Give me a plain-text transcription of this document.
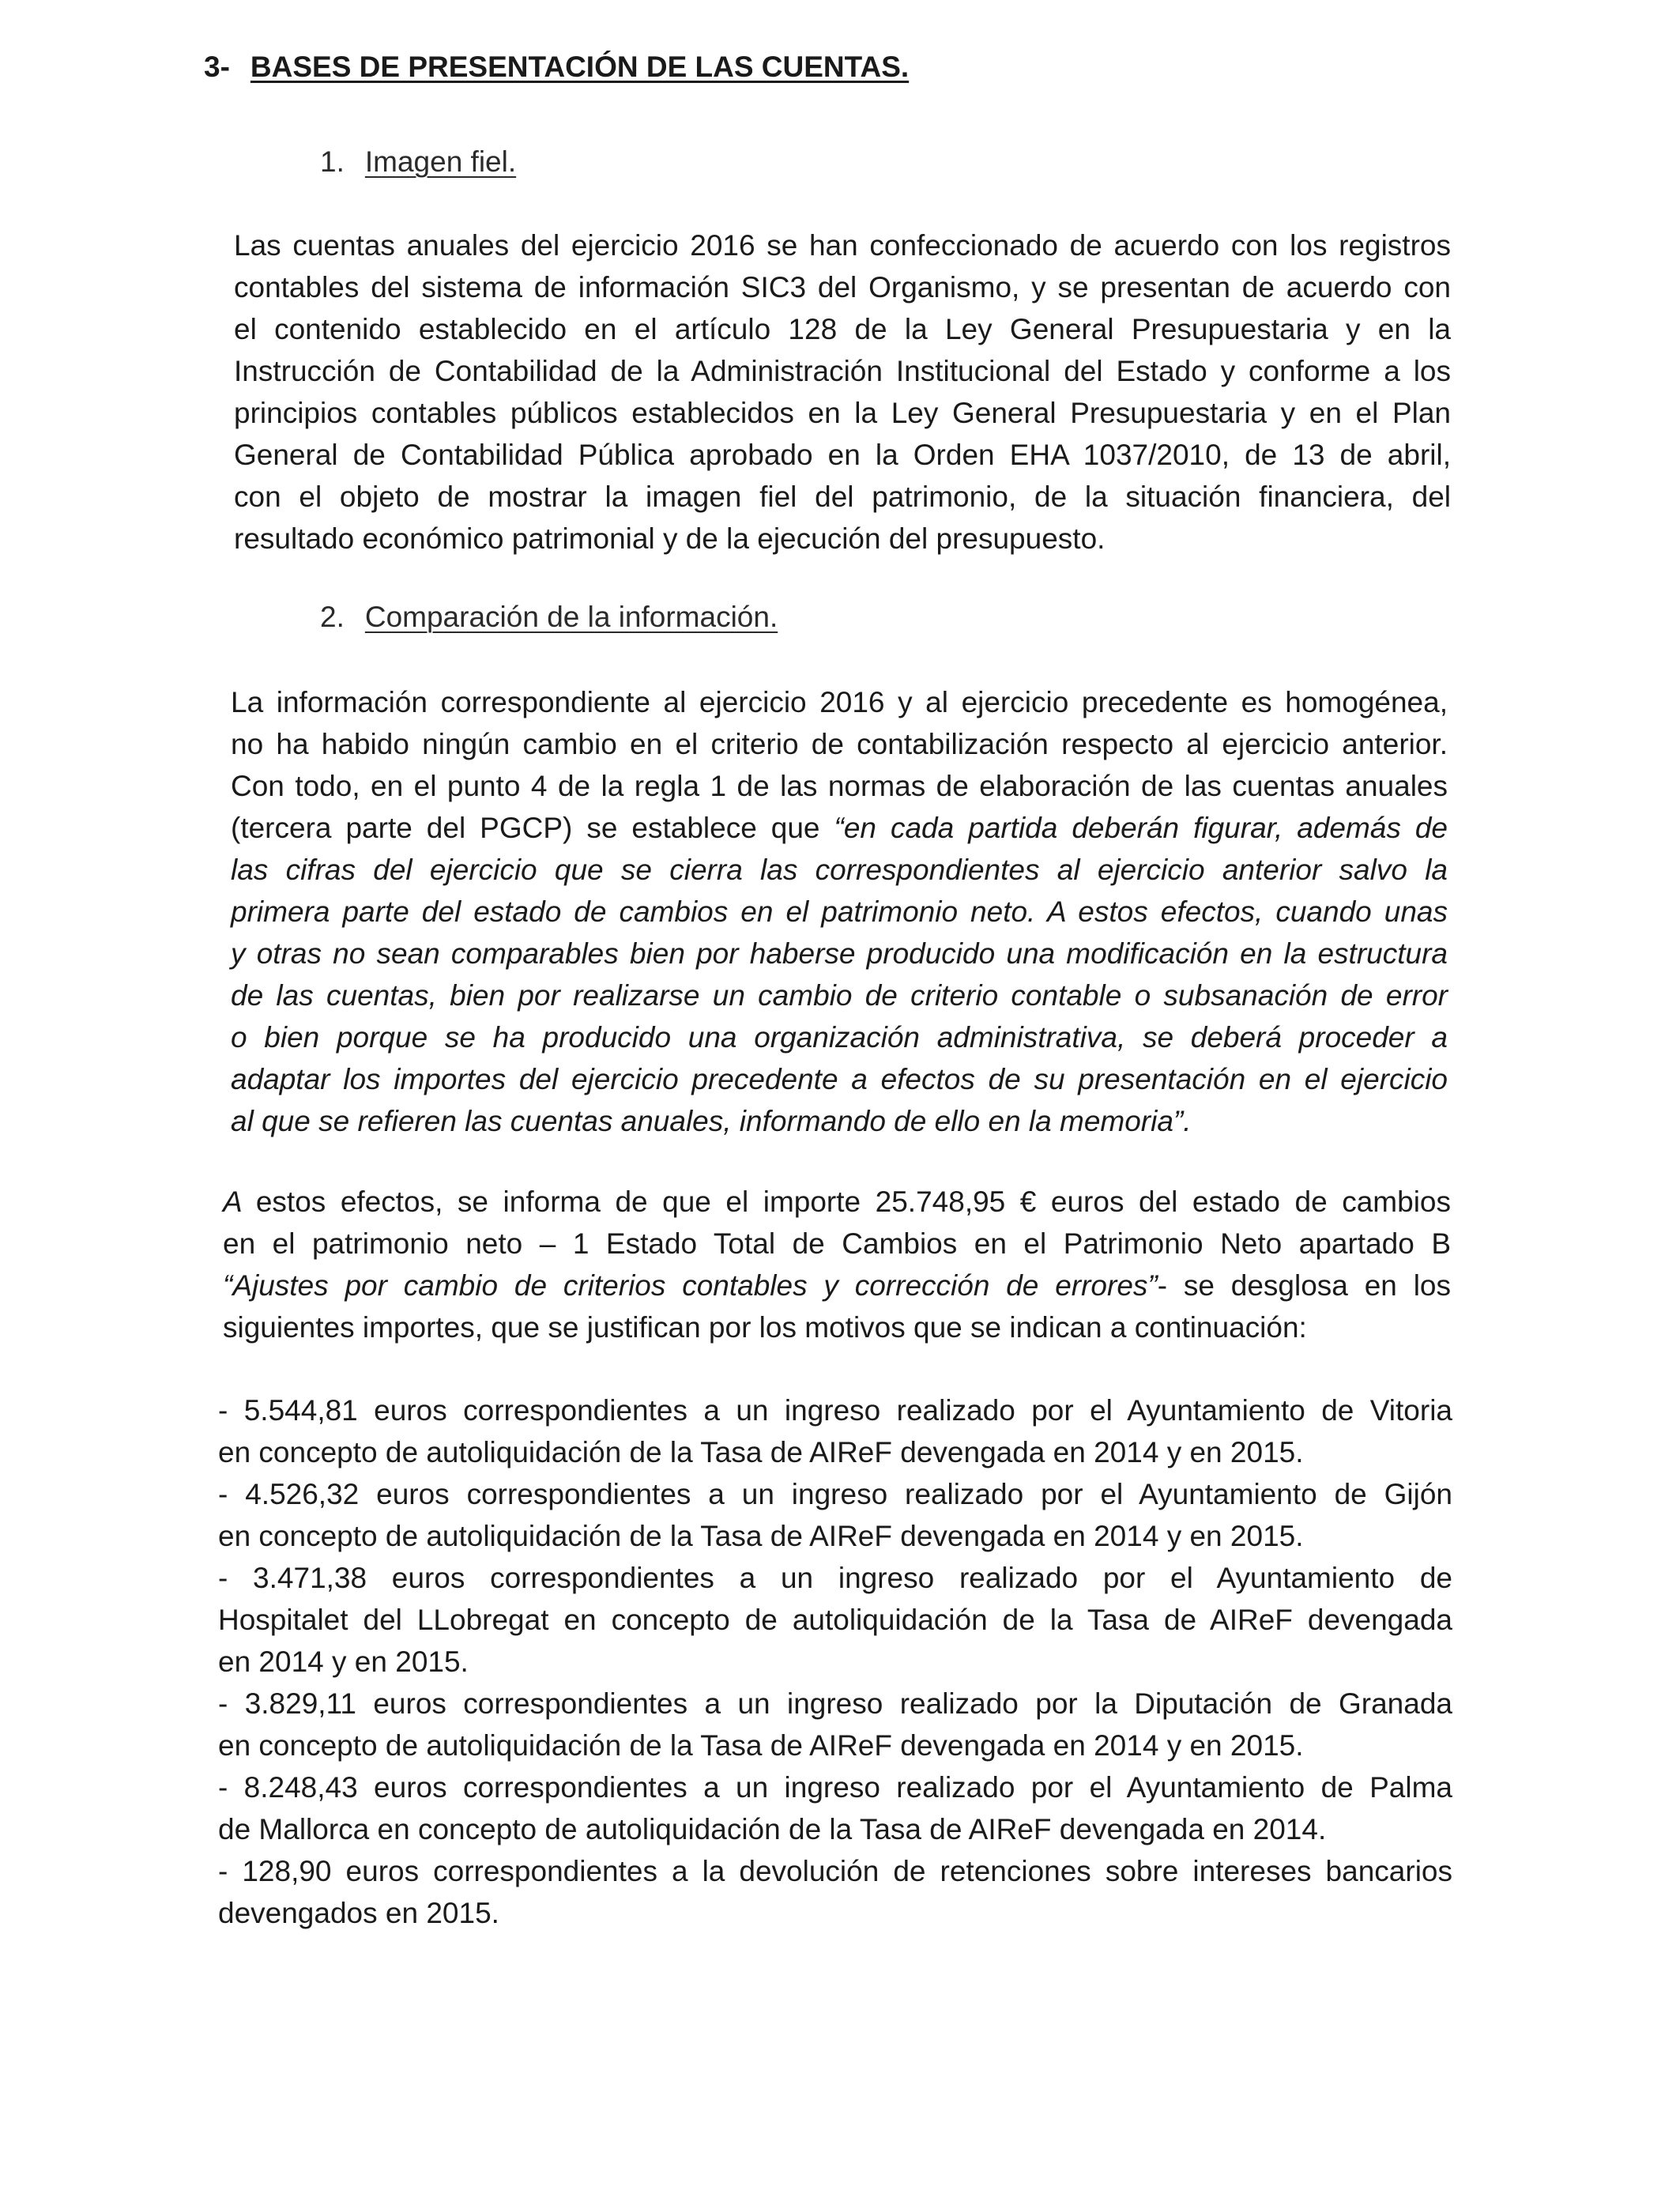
3- BASES DE PRESENTACIÓN DE LAS CUENTAS.
1. Imagen fiel.
Las cuentas anuales del ejercicio 2016 se han confeccionado de acuerdo con los registros
contables del sistema de información SIC3 del Organismo, y se presentan de acuerdo con
el contenido establecido en el artículo 128 de la Ley General Presupuestaria y en la
Instrucción de Contabilidad de la Administración Institucional del Estado y conforme a los
principios contables públicos establecidos en la Ley General Presupuestaria y en el Plan
General de Contabilidad Pública aprobado en la Orden EHA 1037/2010, de 13 de abril,
con el objeto de mostrar la imagen fiel del patrimonio, de la situación financiera, del
resultado económico patrimonial y de la ejecución del presupuesto.
2. Comparación de la información.
La información correspondiente al ejercicio 2016 y al ejercicio precedente es homogénea,
no ha habido ningún cambio en el criterio de contabilización respecto al ejercicio anterior.
Con todo, en el punto 4 de la regla 1 de las normas de elaboración de las cuentas anuales
(tercera parte del PGCP) se establece que “en cada partida deberán figurar, además de
las cifras del ejercicio que se cierra las correspondientes al ejercicio anterior salvo la
primera parte del estado de cambios en el patrimonio neto. A estos efectos, cuando unas
y otras no sean comparables bien por haberse producido una modificación en la estructura
de las cuentas, bien por realizarse un cambio de criterio contable o subsanación de error
o bien porque se ha producido una organización administrativa, se deberá proceder a
adaptar los importes del ejercicio precedente a efectos de su presentación en el ejercicio
al que se refieren las cuentas anuales, informando de ello en la memoria”.
A estos efectos, se informa de que el importe 25.748,95 € euros del estado de cambios
en el patrimonio neto – 1 Estado Total de Cambios en el Patrimonio Neto apartado B
“Ajustes por cambio de criterios contables y corrección de errores”- se desglosa en los
siguientes importes, que se justifican por los motivos que se indican a continuación:
- 5.544,81 euros correspondientes a un ingreso realizado por el Ayuntamiento de Vitoria
en concepto de autoliquidación de la Tasa de AIReF devengada en 2014 y en 2015.
- 4.526,32 euros correspondientes a un ingreso realizado por el Ayuntamiento de Gijón
en concepto de autoliquidación de la Tasa de AIReF devengada en 2014 y en 2015.
- 3.471,38 euros correspondientes a un ingreso realizado por el Ayuntamiento de
Hospitalet del LLobregat en concepto de autoliquidación de la Tasa de AIReF devengada
en 2014 y en 2015.
- 3.829,11 euros correspondientes a un ingreso realizado por la Diputación de Granada
en concepto de autoliquidación de la Tasa de AIReF devengada en 2014 y en 2015.
- 8.248,43 euros correspondientes a un ingreso realizado por el Ayuntamiento de Palma
de Mallorca en concepto de autoliquidación de la Tasa de AIReF devengada en 2014.
- 128,90 euros correspondientes a la devolución de retenciones sobre intereses bancarios
devengados en 2015.
